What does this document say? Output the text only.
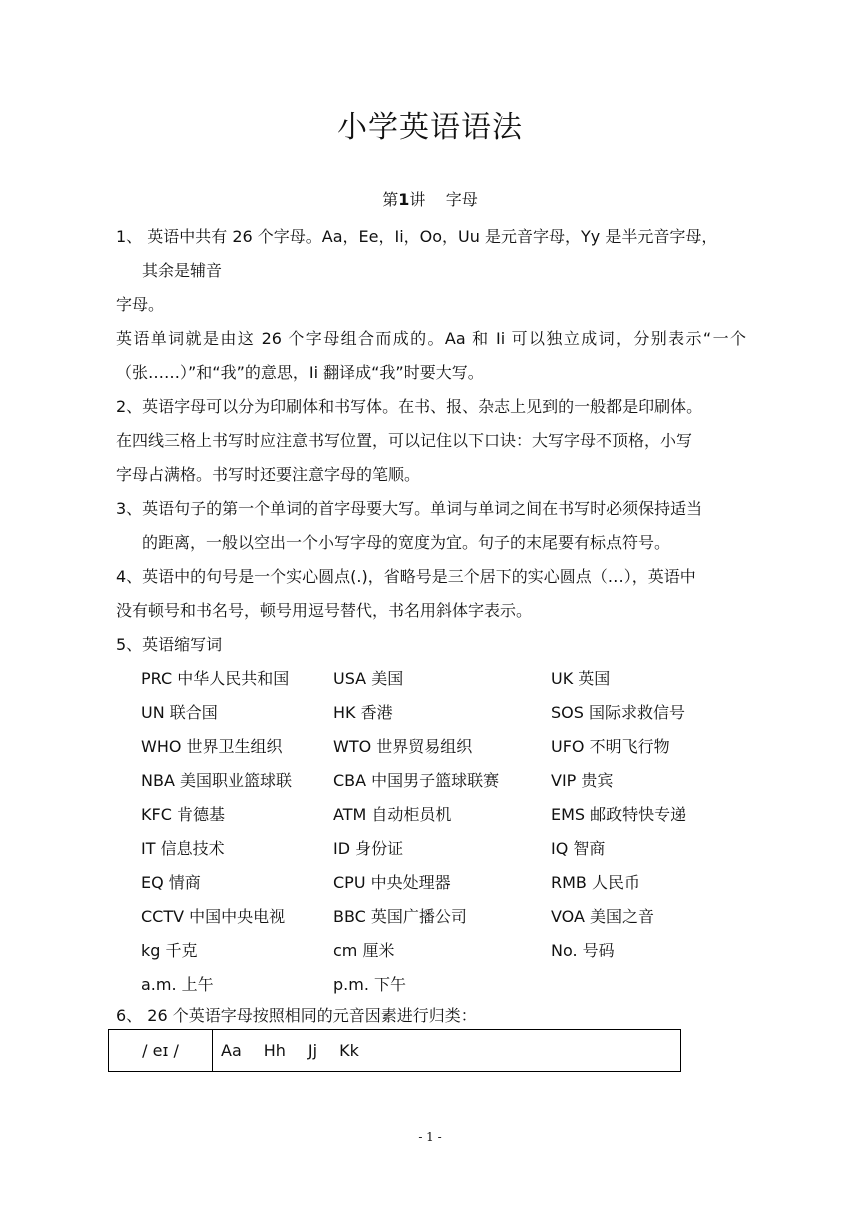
小学英语语法
第1讲 字母
1、 英语中共有 26 个字母。Aa，Ee，Ii，Oo，Uu 是元音字母，Yy 是半元音字母，
其余是辅音
字母。
英语单词就是由这 26 个字母组合而成的。Aa 和 Ii 可以独立成词，分别表示“一个
（张……）”和“我”的意思，Ii 翻译成“我”时要大写。
2、英语字母可以分为印刷体和书写体。在书、报、杂志上见到的一般都是印刷体。
在四线三格上书写时应注意书写位置，可以记住以下口诀：大写字母不顶格，小写
字母占满格。书写时还要注意字母的笔顺。
3、英语句子的第一个单词的首字母要大写。单词与单词之间在书写时必须保持适当
的距离，一般以空出一个小写字母的宽度为宜。句子的末尾要有标点符号。
4、英语中的句号是一个实心圆点(.)，省略号是三个居下的实心圆点（…），英语中
没有顿号和书名号，顿号用逗号替代，书名用斜体字表示。
5、英语缩写词
PRC 中华人民共和国	USA 美国	UK 英国
UN 联合国	HK 香港	SOS 国际求救信号
WHO 世界卫生组织	WTO 世界贸易组织	UFO 不明飞行物
NBA 美国职业篮球联	CBA 中国男子篮球联赛	VIP 贵宾
KFC 肯德基	ATM 自动柜员机	EMS 邮政特快专递
IT 信息技术	ID 身份证	IQ 智商
EQ 情商	CPU 中央处理器	RMB 人民币
CCTV 中国中央电视	BBC 英国广播公司	VOA 美国之音
kg 千克	cm 厘米	No. 号码
a.m. 上午	p.m. 下午
6、 26 个英语字母按照相同的元音因素进行归类：
/ eɪ /	Aa Hh Jj Kk
- 1 -
